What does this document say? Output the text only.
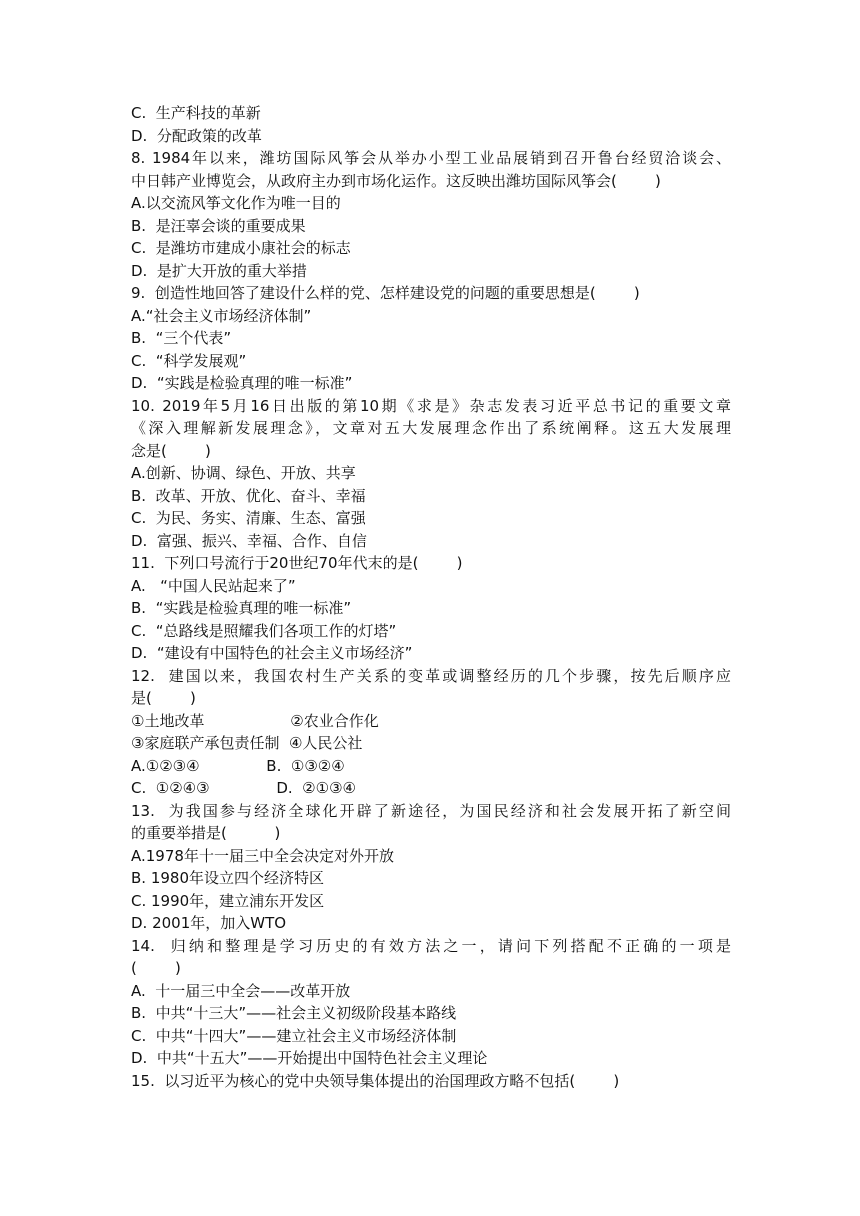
C.  生产科技的革新
D.  分配政策的改革
8. 1984年以来，潍坊国际风筝会从举办小型工业品展销到召开鲁台经贸洽谈会、
中日韩产业博览会，从政府主办到市场化运作。这反映出潍坊国际风筝会(        )
A.以交流风筝文化作为唯一目的
B.  是汪辜会谈的重要成果
C.  是潍坊市建成小康社会的标志
D.  是扩大开放的重大举措
9.  创造性地回答了建设什么样的党、怎样建设党的问题的重要思想是(        )
A.“社会主义市场经济体制”
B.  “三个代表”
C.  “科学发展观”
D.  “实践是检验真理的唯一标准”
10. 2019年5月16日出版的第10期《求是》杂志发表习近平总书记的重要文章
《深入理解新发展理念》，文章对五大发展理念作出了系统阐释。这五大发展理
念是(        )
A.创新、协调、绿色、开放、共享
B.  改革、开放、优化、奋斗、幸福
C.  为民、务实、清廉、生态、富强
D.  富强、振兴、幸福、合作、自信
11.  下列口号流行于20世纪70年代末的是(        )
A.   “中国人民站起来了”
B.  “实践是检验真理的唯一标准”
C.  “总路线是照耀我们各项工作的灯塔”
D.  “建设有中国特色的社会主义市场经济”
12.  建国以来，我国农村生产关系的变革或调整经历的几个步骤，按先后顺序应
是(        )
①土地改革                  ②农业合作化
③家庭联产承包责任制  ④人民公社
A.①②③④              B.  ①③②④
C.  ①②④③              D.  ②①③④
13.  为我国参与经济全球化开辟了新途径，为国民经济和社会发展开拓了新空间
的重要举措是(          )
A.1978年十一届三中全会决定对外开放
B. 1980年设立四个经济特区
C. 1990年，建立浦东开发区
D. 2001年，加入WTO
14.  归纳和整理是学习历史的有效方法之一，请问下列搭配不正确的一项是
(        )
A.  十一届三中全会——改革开放
B.  中共“十三大”——社会主义初级阶段基本路线
C.  中共“十四大”——建立社会主义市场经济体制
D.  中共“十五大”——开始提出中国特色社会主义理论
15.  以习近平为核心的党中央领导集体提出的治国理政方略不包括(        )
